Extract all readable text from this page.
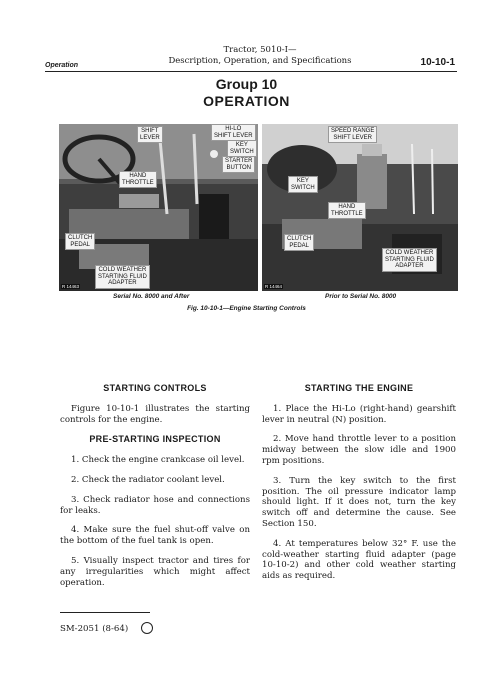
Operation
Tractor, 5010-I—
Description, Operation, and Specifications	10-10-1
Group 10
OPERATION
SHIFT
LEVER
HI-LO
SHIFT LEVER
KEY
SWITCH
STARTER
BUTTON
HAND
THROTTLE
CLUTCH
PEDAL
COLD WEATHER
STARTING FLUID
ADAPTER
R 14463
SPEED RANGE
SHIFT LEVER
KEY
SWITCH
HAND
THROTTLE
CLUTCH
PEDAL
COLD WEATHER
STARTING FLUID
ADAPTER
R 14464
Serial No. 8000 and After	Prior to Serial No. 8000
Fig. 10-10-1—Engine Starting Controls
STARTING CONTROLS

Figure 10-10-1 illustrates the starting controls for the engine.

PRE-STARTING INSPECTION

1. Check the engine crankcase oil level.

2. Check the radiator coolant level.

3. Check radiator hose and connections for leaks.

4. Make sure the fuel shut-off valve on the bottom of the fuel tank is open.

5. Visually inspect tractor and tires for any irregularities which might affect operation.

STARTING THE ENGINE

1. Place the Hi-Lo (right-hand) gearshift lever in neutral (N) position.

2. Move hand throttle lever to a position midway between the slow idle and 1900 rpm positions.

3. Turn the key switch to the first position. The oil pressure indicator lamp should light. If it does not, turn the key switch off and determine the cause. See Section 150.

4. At temperatures below 32° F. use the cold-weather starting fluid adapter (page 10-10-2) and other cold weather starting aids as required.

SM-2051 (8-64)
